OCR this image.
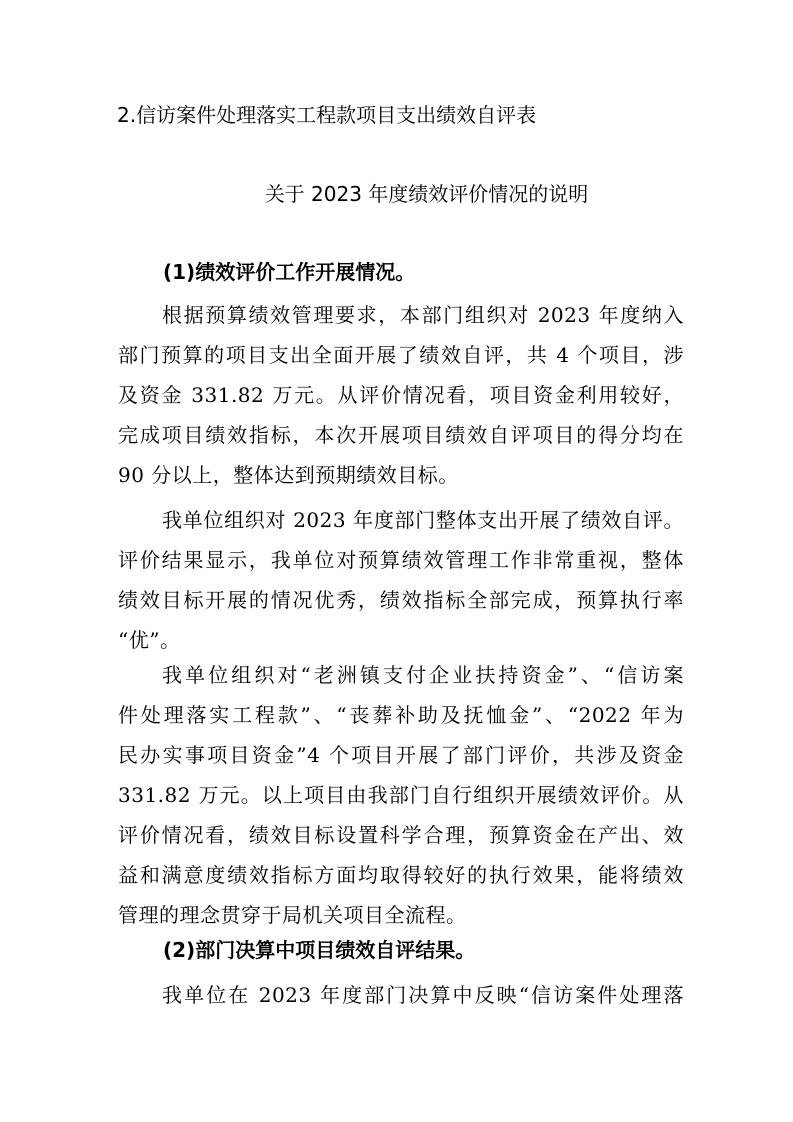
2.信访案件处理落实工程款项目支出绩效自评表
关于 2023 年度绩效评价情况的说明
(1)绩效评价工作开展情况。
根据预算绩效管理要求，本部门组织对 2023 年度纳入
部门预算的项目支出全面开展了绩效自评，共 4 个项目，涉
及资金 331.82 万元。从评价情况看，项目资金利用较好，
完成项目绩效指标，本次开展项目绩效自评项目的得分均在
90 分以上，整体达到预期绩效目标。
我单位组织对 2023 年度部门整体支出开展了绩效自评。
评价结果显示，我单位对预算绩效管理工作非常重视，整体
绩效目标开展的情况优秀，绩效指标全部完成，预算执行率
“优”。
我单位组织对“老洲镇支付企业扶持资金”、“信访案
件处理落实工程款”、“丧葬补助及抚恤金”、“2022 年为
民办实事项目资金”4 个项目开展了部门评价，共涉及资金
331.82 万元。以上项目由我部门自行组织开展绩效评价。从
评价情况看，绩效目标设置科学合理，预算资金在产出、效
益和满意度绩效指标方面均取得较好的执行效果，能将绩效
管理的理念贯穿于局机关项目全流程。
(2)部门决算中项目绩效自评结果。
我单位在 2023 年度部门决算中反映“信访案件处理落
